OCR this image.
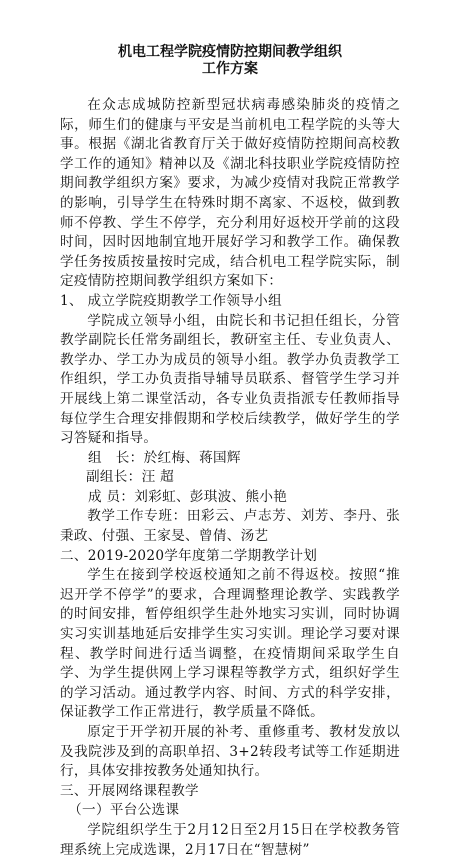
机电工程学院疫情防控期间教学组织
工作方案

在众志成城防控新型冠状病毒感染肺炎的疫情之际，师生们的健康与平安是当前机电工程学院的头等大事。根据《湖北省教育厅关于做好疫情防控期间高校教学工作的通知》精神以及《湖北科技职业学院疫情防控期间教学组织方案》要求，为减少疫情对我院正常教学的影响，引导学生在特殊时期不离家、不返校，做到教师不停教、学生不停学，充分利用好返校开学前的这段时间，因时因地制宜地开展好学习和教学工作。确保教学任务按质按量按时完成，结合机电工程学院实际，制定疫情防控期间教学组织方案如下：

1、 成立学院疫期教学工作领导小组

学院成立领导小组，由院长和书记担任组长，分管教学副院长任常务副组长，教研室主任、专业负责人、教学办、学工办为成员的领导小组。教学办负责教学工作组织，学工办负责指导辅导员联系、督管学生学习并开展线上第二课堂活动，各专业负责指派专任教师指导每位学生合理安排假期和学校后续教学，做好学生的学习答疑和指导。

组　长：於红梅、蒋国辉

副组长：汪 超

成 员：刘彩虹、彭琪波、熊小艳

教学工作专班：田彩云、卢志芳、刘芳、李丹、张秉政、付强、王家旻、曾倩、汤艺

二、2019-2020学年度第二学期教学计划

学生在接到学校返校通知之前不得返校。按照“推迟开学不停学”的要求，合理调整理论教学、实践教学的时间安排，暂停组织学生赴外地实习实训，同时协调实习实训基地延后安排学生实习实训。理论学习要对课程、教学时间进行适当调整，在疫情期间采取学生自学、为学生提供网上学习课程等教学方式，组织好学生的学习活动。通过教学内容、时间、方式的科学安排，保证教学工作正常进行，教学质量不降低。

原定于开学初开展的补考、重修重考、教材发放以及我院涉及到的高职单招、3+2转段考试等工作延期进行，具体安排按教务处通知执行。

三、开展网络课程教学

（一）平台公选课

学院组织学生于2月12日至2月15日在学校教务管理系统上完成选课，2月17日在“智慧树”
